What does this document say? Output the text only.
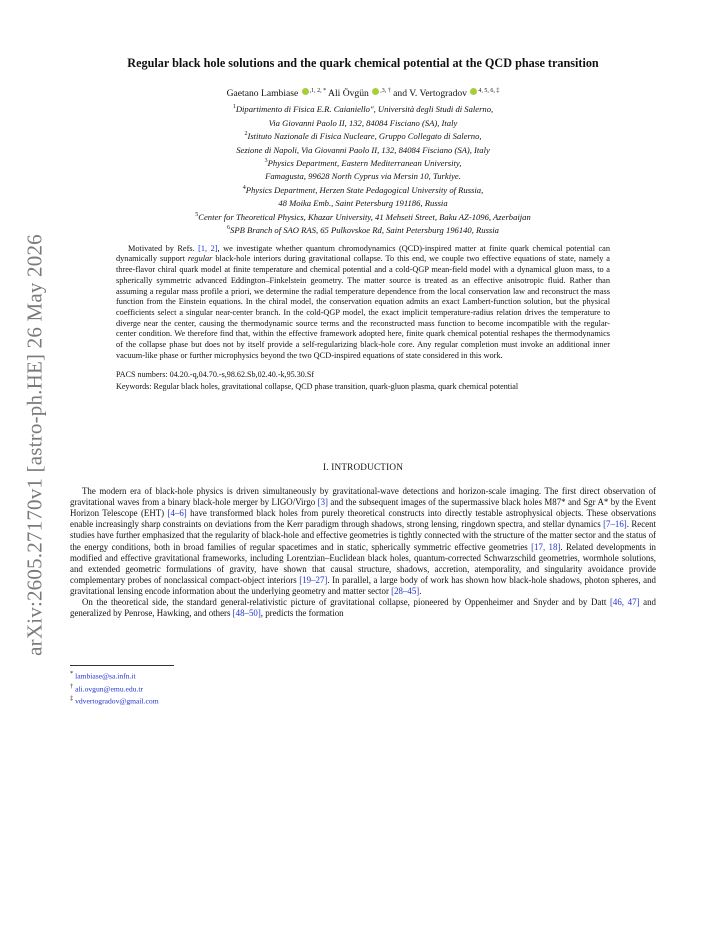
arXiv:2605.27170v1 [astro-ph.HE] 26 May 2026
Regular black hole solutions and the quark chemical potential at the QCD phase transition
Gaetano Lambiase $^{,1, 2, *}$ Ali Övgün $^{,3, \dagger}$ and V. Vertogradov $^{4, 5, 6, \ddagger}$
$^1$Dipartimento di Fisica E.R. Caianiello", Università degli Studi di Salerno,
Via Giovanni Paolo II, 132, 84084 Fisciano (SA), Italy
$^2$Istituto Nazionale di Fisica Nucleare, Gruppo Collegato di Salerno,
Sezione di Napoli, Via Giovanni Paolo II, 132, 84084 Fisciano (SA), Italy
$^3$Physics Department, Eastern Mediterranean University,
Famagusta, 99628 North Cyprus via Mersin 10, Turkiye.
$^4$Physics Department, Herzen State Pedagogical University of Russia,
48 Moika Emb., Saint Petersburg 191186, Russia
$^5$Center for Theoretical Physics, Khazar University, 41 Mehseti Street, Baku AZ-1096, Azerbaijan
$^6$SPB Branch of SAO RAS, 65 Pulkovskoe Rd, Saint Petersburg 196140, Russia
Motivated by Refs. [1, 2], we investigate whether quantum chromodynamics (QCD)-inspired matter at finite quark chemical potential can dynamically support regular black-hole interiors during gravitational collapse. To this end, we couple two effective equations of state, namely a three-flavor chiral quark model at finite temperature and chemical potential and a cold-QGP mean-field model with a dynamical gluon mass, to a spherically symmetric advanced Eddington–Finkelstein geometry. The matter source is treated as an effective anisotropic fluid. Rather than assuming a regular mass profile a priori, we determine the radial temperature dependence from the local conservation law and reconstruct the mass function from the Einstein equations. In the chiral model, the conservation equation admits an exact Lambert-function solution, but the physical coefficients select a singular near-center branch. In the cold-QGP model, the exact implicit temperature-radius relation drives the temperature to diverge near the center, causing the thermodynamic source terms and the reconstructed mass function to become incompatible with the regular-center condition. We therefore find that, within the effective framework adopted here, finite quark chemical potential reshapes the thermodynamics of the collapse phase but does not by itself provide a self-regularizing black-hole core. Any regular completion must invoke an additional inner vacuum-like phase or further microphysics beyond the two QCD-inspired equations of state considered in this work.
PACS numbers: 04.20.-q,04.70.-s,98.62.Sb,02.40.-k,95.30.Sf
Keywords: Regular black holes, gravitational collapse, QCD phase transition, quark-gluon plasma, quark chemical potential
I. INTRODUCTION

The modern era of black-hole physics is driven simultaneously by gravitational-wave detections and horizon-scale imaging. The first direct observation of gravitational waves from a binary black-hole merger by LIGO/Virgo [3] and the subsequent images of the supermassive black holes M87* and Sgr A* by the Event Horizon Telescope (EHT) [4–6] have transformed black holes from purely theoretical constructs into directly testable astrophysical objects. These observations enable increasingly sharp constraints on deviations from the Kerr paradigm through shadows, strong lensing, ringdown spectra, and stellar dynamics [7–16]. Recent studies have further emphasized that the regularity of black-hole and effective geometries is tightly connected with the structure of the matter sector and the status of the energy conditions, both in broad families of regular spacetimes and in static, spherically symmetric effective geometries [17, 18]. Related developments in modified and effective gravitational frameworks, including Lorentzian–Euclidean black holes, quantum-corrected Schwarzschild geometries, wormhole solutions, and extended geometric formulations of gravity, have shown that causal structure, shadows, accretion, atemporality, and singularity avoidance provide complementary probes of nonclassical compact-object interiors [19–27]. In parallel, a large body of work has shown how black-hole shadows, photon spheres, and gravitational lensing encode information about the underlying geometry and matter sector [28–45].

On the theoretical side, the standard general-relativistic picture of gravitational collapse, pioneered by Oppenheimer and Snyder and by Datt [46, 47] and generalized by Penrose, Hawking, and others [48–50], predicts the formation

* lambiase@sa.infn.it
† ali.ovgun@emu.edu.tr
‡ vdvertogradov@gmail.com
